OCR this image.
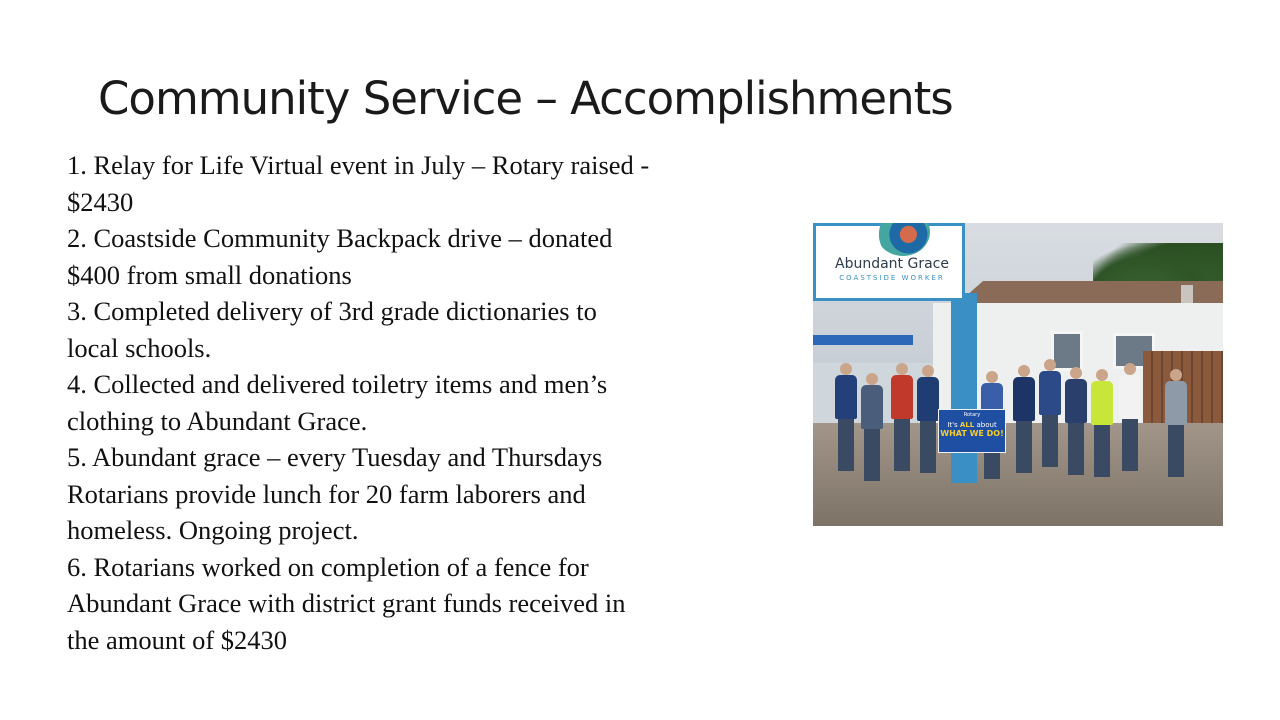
Community Service – Accomplishments
1. Relay for Life Virtual event in July – Rotary raised -
$2430
2. Coastside Community Backpack drive – donated
$400 from small donations
3. Completed delivery of 3rd grade dictionaries to
local schools.
4. Collected and delivered toiletry items and men’s
clothing to Abundant Grace.
5. Abundant grace – every Tuesday and Thursdays
Rotarians provide lunch for 20 farm laborers and
homeless. Ongoing project.
6. Rotarians worked on completion of a fence for
Abundant Grace with district grant funds received in
the amount of $2430
Abundant Grace
COASTSIDE WORKER
Rotary
It's ALL about
WHAT WE DO!
